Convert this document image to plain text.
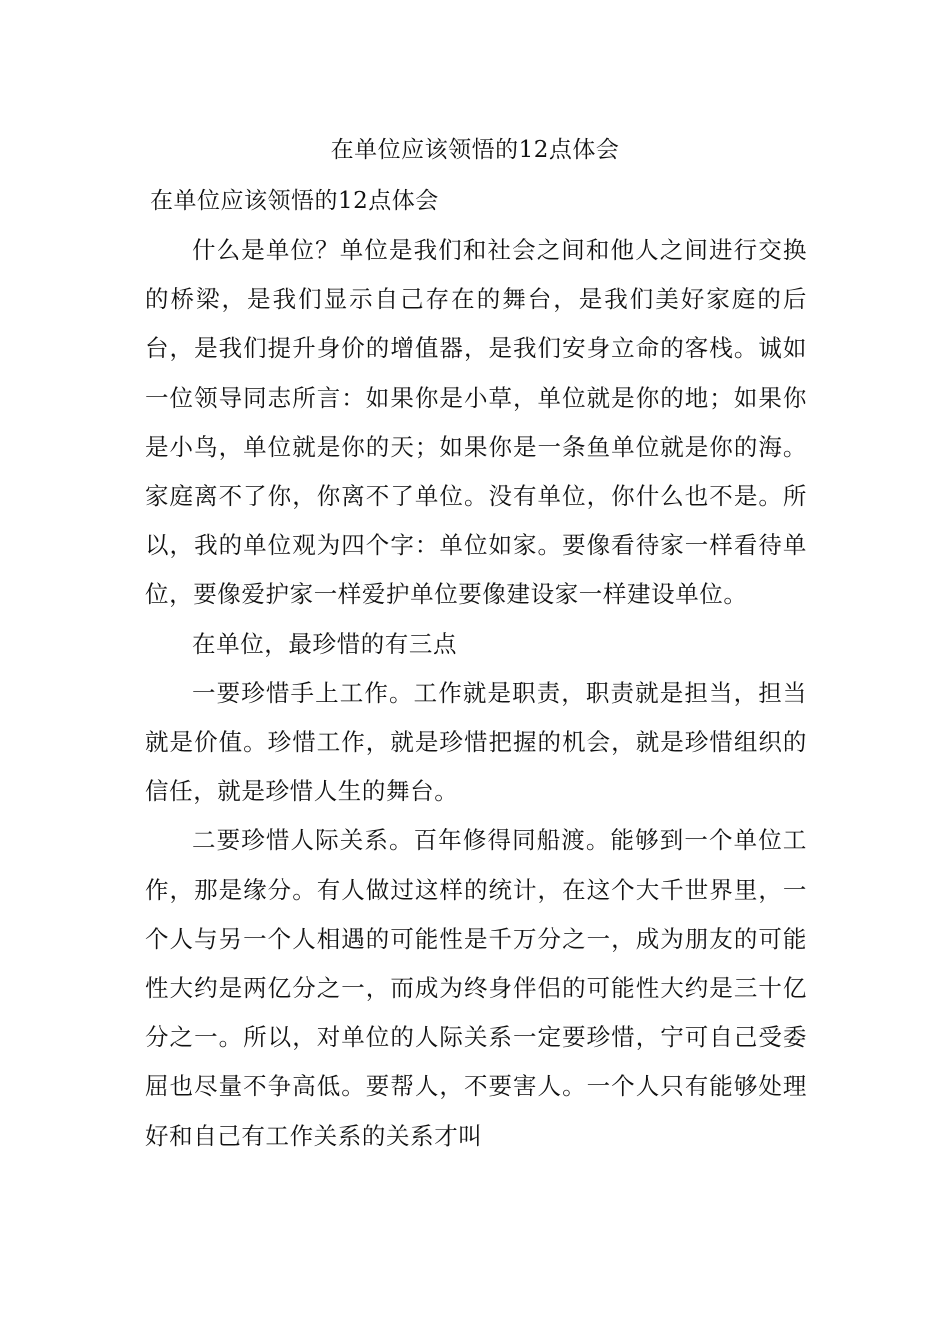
在单位应该领悟的12点体会
在单位应该领悟的12点体会

什么是单位？单位是我们和社会之间和他人之间进行交换的桥梁，是我们显示自己存在的舞台，是我们美好家庭的后台，是我们提升身价的增值器，是我们安身立命的客栈。诚如一位领导同志所言：如果你是小草，单位就是你的地；如果你是小鸟，单位就是你的天；如果你是一条鱼单位就是你的海。家庭离不了你，你离不了单位。没有单位，你什么也不是。所以，我的单位观为四个字：单位如家。要像看待家一样看待单位，要像爱护家一样爱护单位要像建设家一样建设单位。

在单位，最珍惜的有三点

一要珍惜手上工作。工作就是职责，职责就是担当，担当就是价值。珍惜工作，就是珍惜把握的机会，就是珍惜组织的信任，就是珍惜人生的舞台。

二要珍惜人际关系。百年修得同船渡。能够到一个单位工作，那是缘分。有人做过这样的统计，在这个大千世界里，一个人与另一个人相遇的可能性是千万分之一，成为朋友的可能性大约是两亿分之一，而成为终身伴侣的可能性大约是三十亿分之一。所以，对单位的人际关系一定要珍惜，宁可自己受委屈也尽量不争高低。要帮人，不要害人。一个人只有能够处理好和自己有工作关系的关系才叫
